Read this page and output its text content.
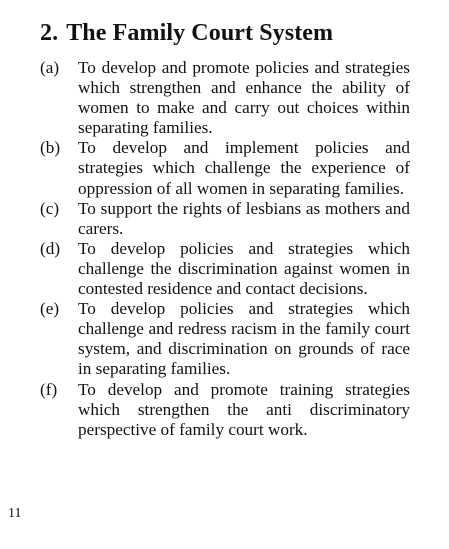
2. The Family Court System
(a)	To develop and promote policies and strategies which strengthen and enhance the ability of women to make and carry out choices within separating families.
(b)	To develop and implement policies and strategies which challenge the experience of oppression of all women in separating families.
(c)	To support the rights of lesbians as mothers and carers.
(d)	To develop policies and strategies which challenge the discrimination against women in contested residence and contact decisions.
(e)	To develop policies and strategies which challenge and redress racism in the family court system, and discrimination on grounds of race in separating families.
(f)	To develop and promote training strategies which strengthen the anti discriminatory perspective of family court work.
11
